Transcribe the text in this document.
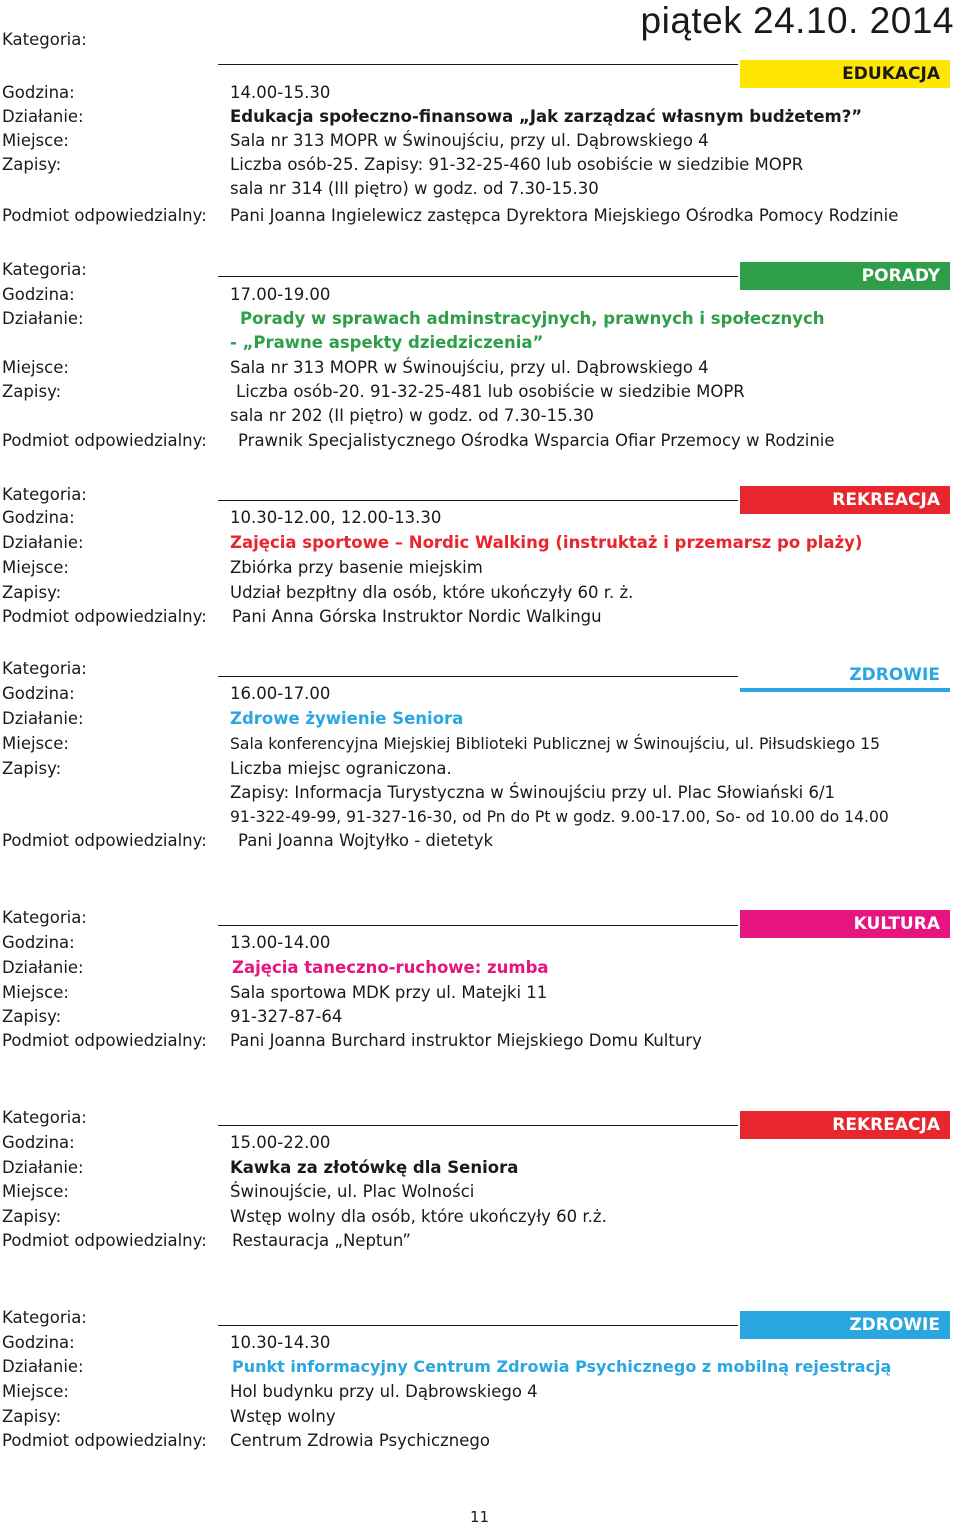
piątek 24.10. 2014
Kategoria:
EDUKACJA
Godzina:	14.00-15.30
Działanie:	Edukacja społeczno-finansowa „Jak zarządzać własnym budżetem?”
Miejsce:	Sala nr 313 MOPR w Świnoujściu, przy ul. Dąbrowskiego 4
Zapisy:	Liczba osób-25. Zapisy: 91-32-25-460 lub osobiście w siedzibie MOPR
sala nr 314 (III piętro) w godz. od 7.30-15.30
Podmiot odpowiedzialny: Pani Joanna Ingielewicz zastępca Dyrektora Miejskiego Ośrodka Pomocy Rodzinie
Kategoria:	PORADY
Godzina:	17.00-19.00
Działanie:	Porady w sprawach adminstracyjnych, prawnych i społecznych
- „Prawne aspekty dziedziczenia”
Miejsce:	Sala nr 313 MOPR w Świnoujściu, przy ul. Dąbrowskiego 4
Zapisy:	Liczba osób-20. 91-32-25-481 lub osobiście w siedzibie MOPR
sala nr 202 (II piętro) w godz. od 7.30-15.30
Podmiot odpowiedzialny: Prawnik Specjalistycznego Ośrodka Wsparcia Ofiar Przemocy w Rodzinie
Kategoria:	REKREACJA
Godzina:	10.30-12.00, 12.00-13.30
Działanie:	Zajęcia sportowe – Nordic Walking (instruktaż i przemarsz po plaży)
Miejsce:	Zbiórka przy basenie miejskim
Zapisy:	Udział bezpłtny dla osób, które ukończyły 60 r. ż.
Podmiot odpowiedzialny: Pani Anna Górska Instruktor Nordic Walkingu
Kategoria:	ZDROWIE
Godzina:	16.00-17.00
Działanie:	Zdrowe żywienie Seniora
Miejsce:	Sala konferencyjna Miejskiej Biblioteki Publicznej w Świnoujściu, ul. Piłsudskiego 15
Zapisy:	Liczba miejsc ograniczona.
Zapisy: Informacja Turystyczna w Świnoujściu przy ul. Plac Słowiański 6/1
91-322-49-99, 91-327-16-30, od Pn do Pt w godz. 9.00-17.00, So- od 10.00 do 14.00
Podmiot odpowiedzialny: Pani Joanna Wojtyłko - dietetyk
Kategoria:	KULTURA
Godzina:	13.00-14.00
Działanie:	Zajęcia taneczno-ruchowe: zumba
Miejsce:	Sala sportowa MDK przy ul. Matejki 11
Zapisy:	91-327-87-64
Podmiot odpowiedzialny: Pani Joanna Burchard instruktor Miejskiego Domu Kultury
Kategoria:	REKREACJA
Godzina:	15.00-22.00
Działanie:	Kawka za złotówkę dla Seniora
Miejsce:	Świnoujście, ul. Plac Wolności
Zapisy:	Wstęp wolny dla osób, które ukończyły 60 r.ż.
Podmiot odpowiedzialny: Restauracja „Neptun”
Kategoria:	ZDROWIE
Godzina:	10.30-14.30
Działanie:	Punkt informacyjny Centrum Zdrowia Psychicznego z mobilną rejestracją
Miejsce:	Hol budynku przy ul. Dąbrowskiego 4
Zapisy:	Wstęp wolny
Podmiot odpowiedzialny: Centrum Zdrowia Psychicznego
11
